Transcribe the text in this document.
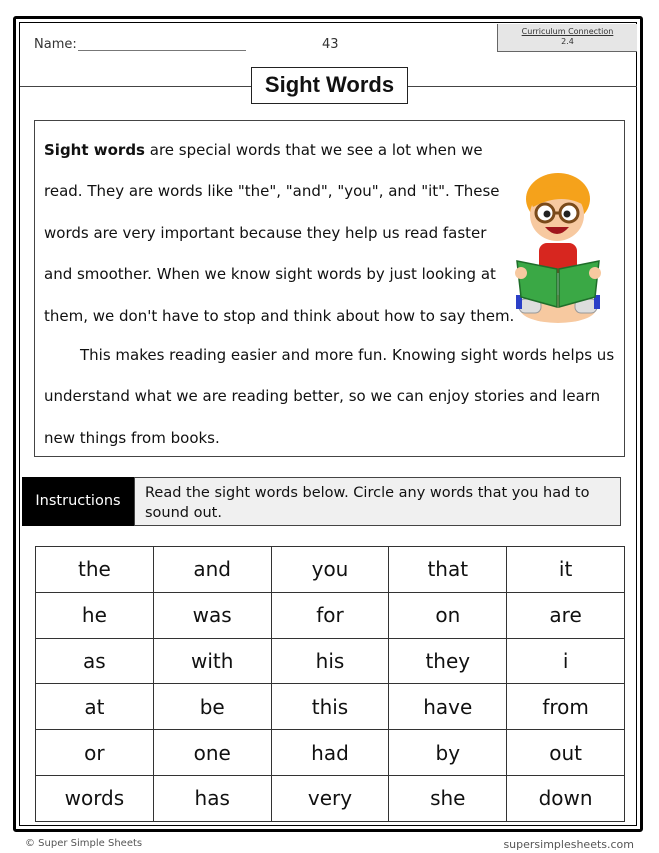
Name:	43
Curriculum Connection
2.4
Sight Words

Sight words are special words that we see a lot when we read. They are words like "the", "and", "you", and "it". These words are very important because they help us read faster and smoother. When we know sight words by just looking at them, we don't have to stop and think about how to say them.

This makes reading easier and more fun. Knowing sight words helps us understand what we are reading better, so we can enjoy stories and learn new things from books.

Instructions	Read the sight words below. Circle any words that you had to sound out.
the	and	you	that	it
he	was	for	on	are
as	with	his	they	i
at	be	this	have	from
or	one	had	by	out
words	has	very	she	down
© Super Simple Sheets	supersimplesheets.com
